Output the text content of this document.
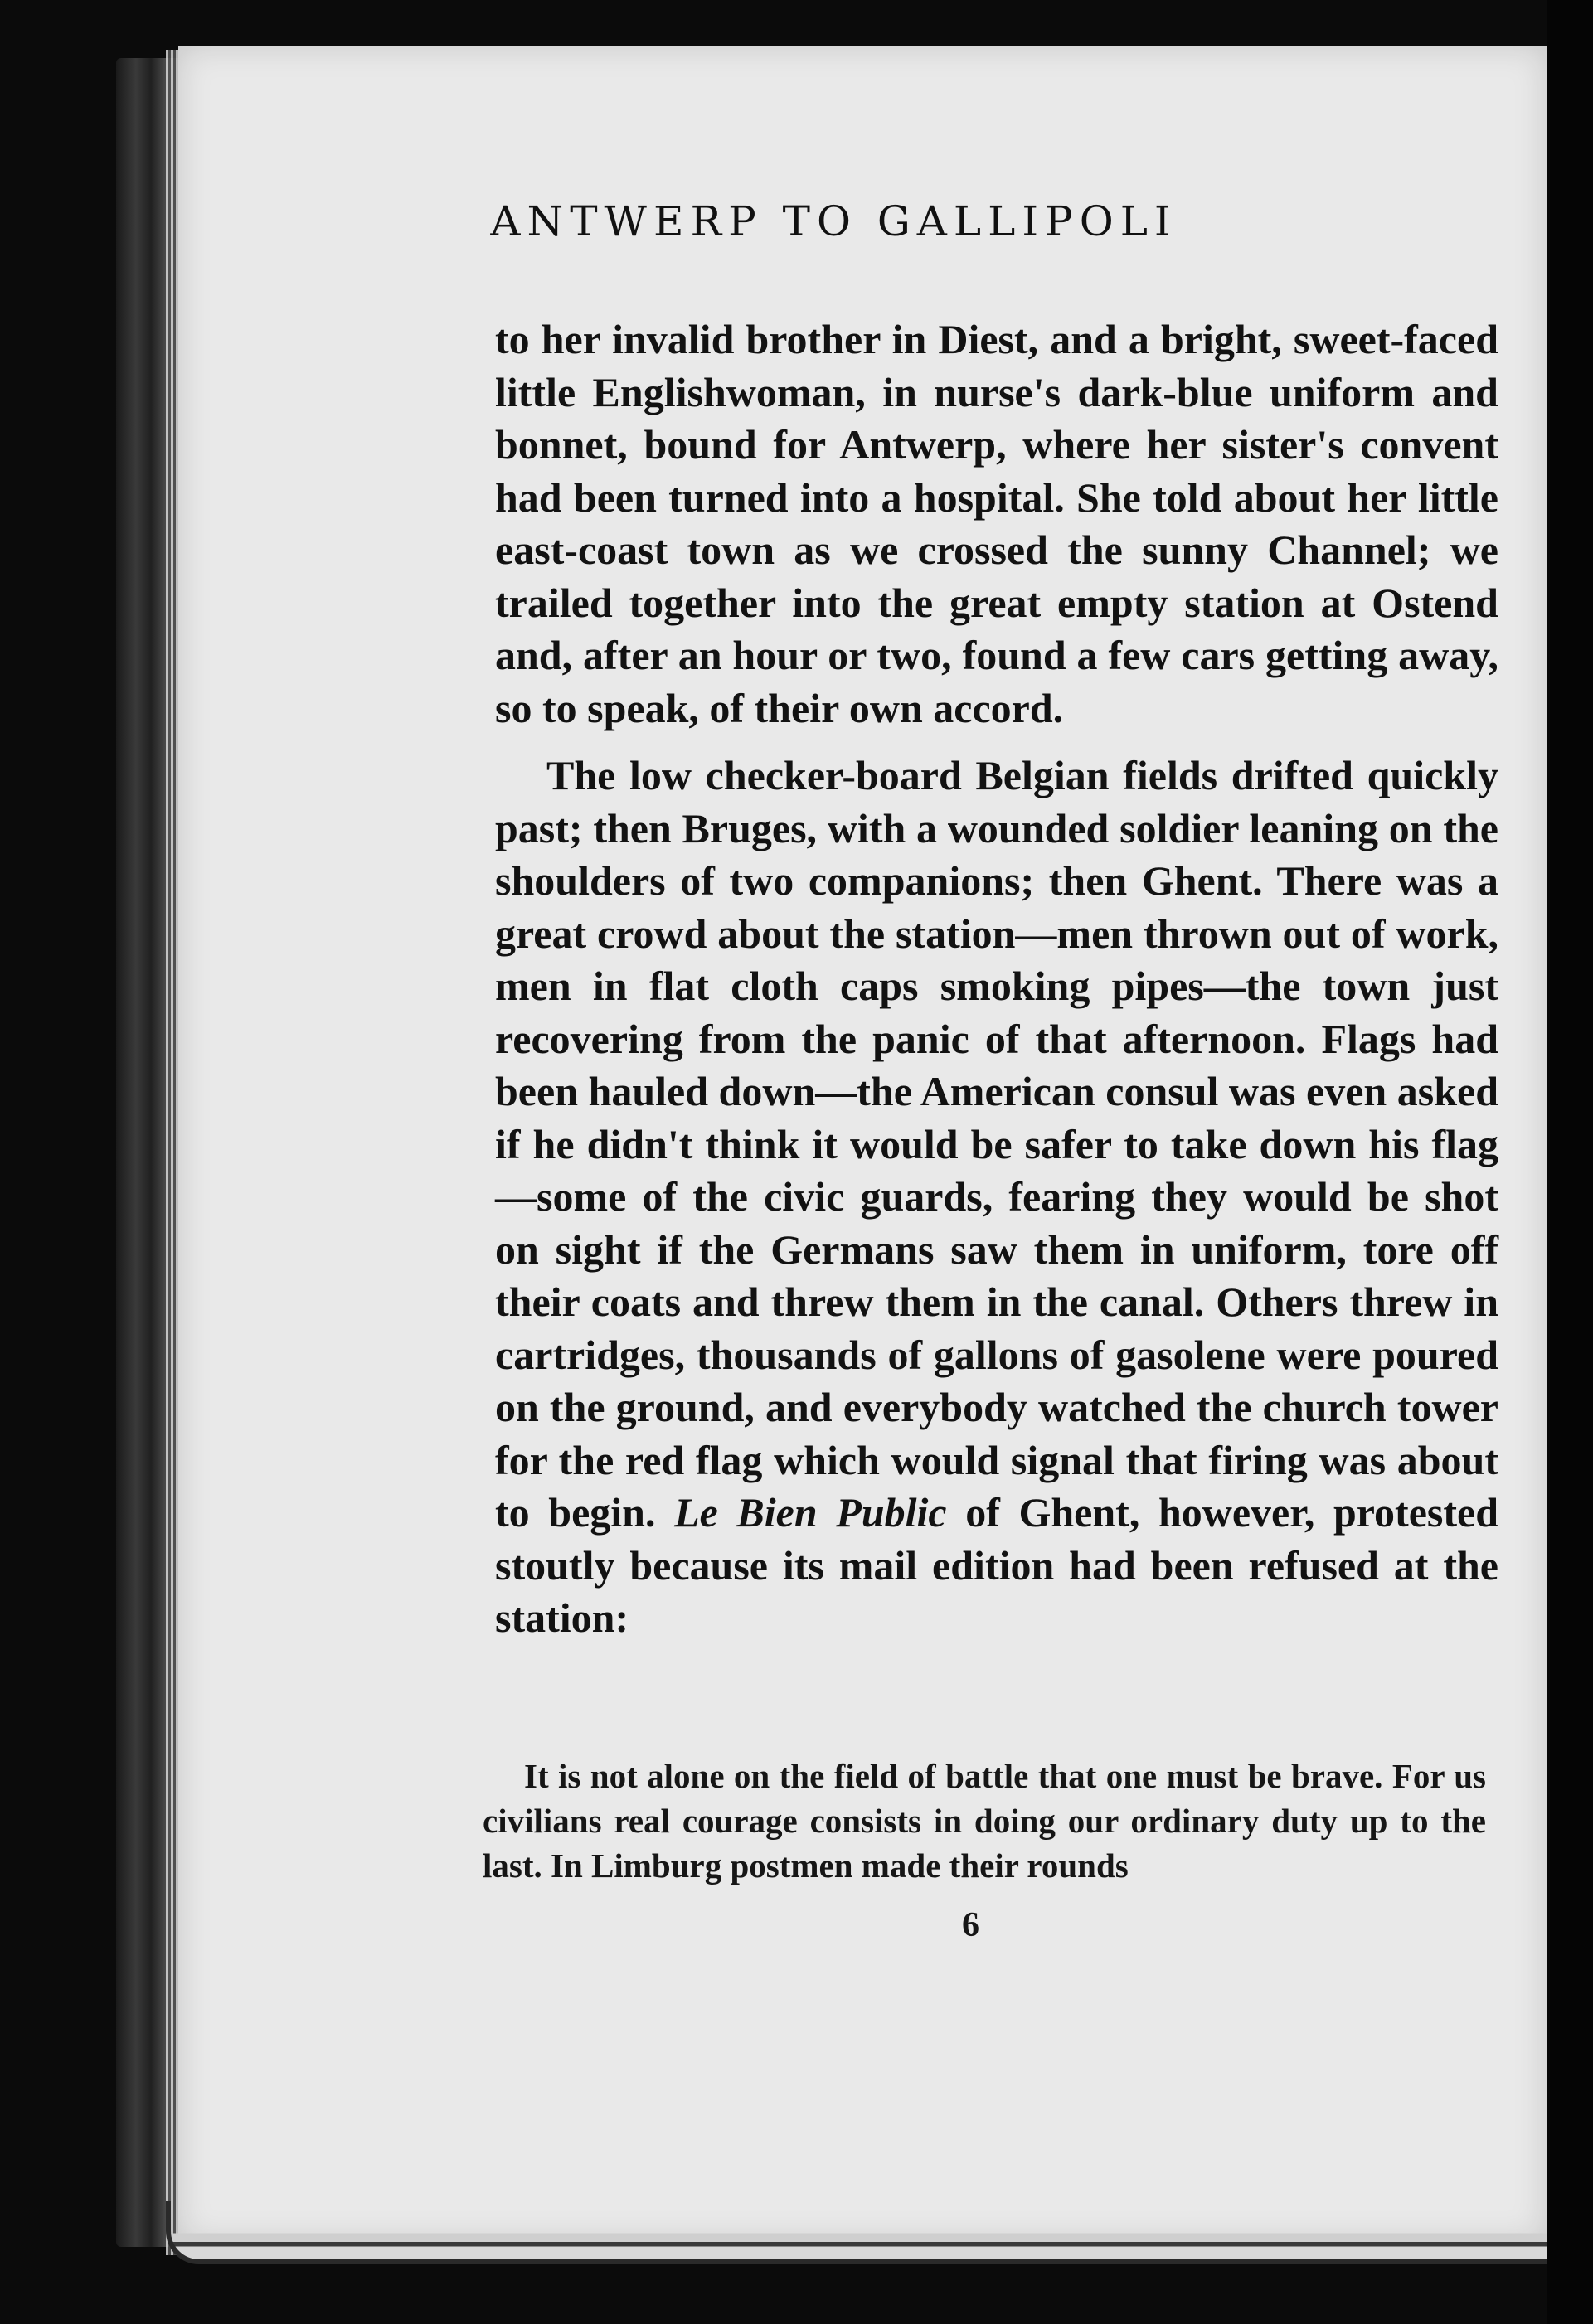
ANTWERP TO GALLIPOLI

to her invalid brother in Diest, and a bright, sweet-faced little Englishwoman, in nurse's dark-blue uniform and bonnet, bound for Antwerp, where her sister's convent had been turned into a hospital. She told about her little east-coast town as we crossed the sunny Channel; we trailed together into the great empty station at Ostend and, after an hour or two, found a few cars getting away, so to speak, of their own accord.

The low checker-board Belgian fields drifted quickly past; then Bruges, with a wounded soldier leaning on the shoulders of two companions; then Ghent. There was a great crowd about the station—men thrown out of work, men in flat cloth caps smoking pipes—the town just recovering from the panic of that afternoon. Flags had been hauled down—the American consul was even asked if he didn't think it would be safer to take down his flag—some of the civic guards, fearing they would be shot on sight if the Germans saw them in uniform, tore off their coats and threw them in the canal. Others threw in cartridges, thousands of gallons of gasolene were poured on the ground, and everybody watched the church tower for the red flag which would signal that firing was about to begin. Le Bien Public of Ghent, however, protested stoutly because its mail edition had been refused at the station:

It is not alone on the field of battle that one must be brave. For us civilians real courage consists in doing our ordinary duty up to the last. In Limburg postmen made their rounds
6
